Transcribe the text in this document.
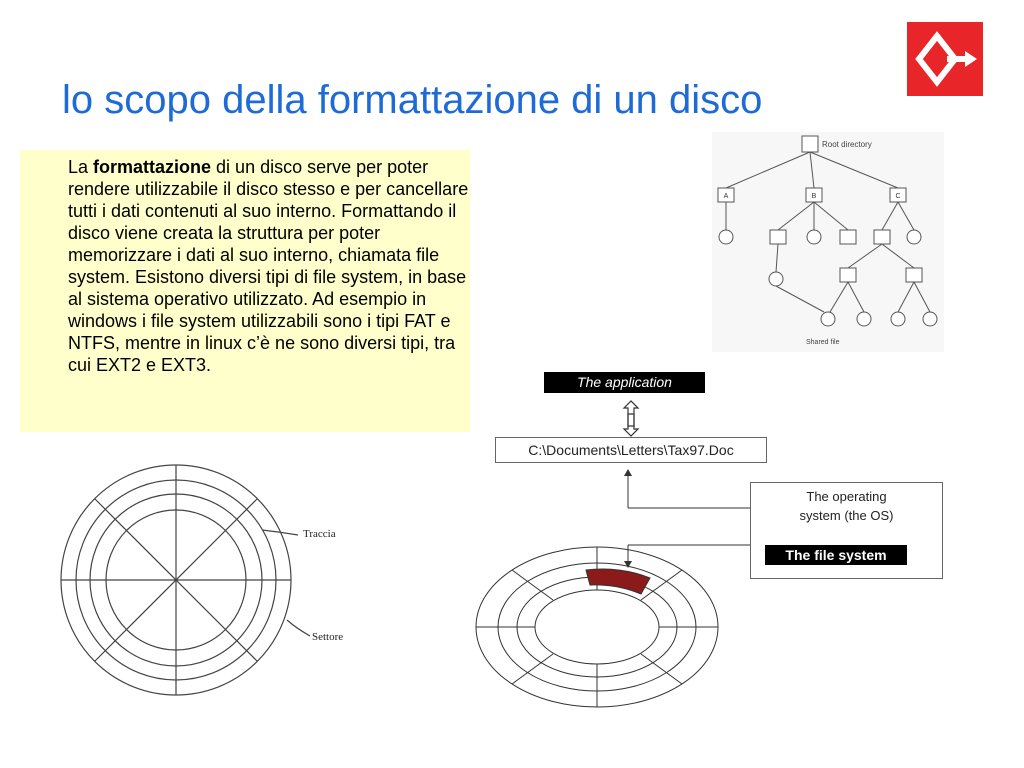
lo scopo della formattazione di un disco
La formattazione di un disco serve per poter rendere utilizzabile il disco stesso e per cancellare tutti i dati contenuti al suo interno. Formattando il disco viene creata la struttura per poter memorizzare i dati al suo interno, chiamata file system. Esistono diversi tipi di file system, in base al sistema operativo utilizzato. Ad esempio in windows i file system utilizzabili sono i tipi FAT e NTFS, mentre in linux c’è ne sono diversi tipi, tra cui EXT2 e EXT3.
A	B	C
Root directory
Shared file
Traccia
Settore
The application
C:\Documents\Letters\Tax97.Doc
The operating
system (the OS)
The file system
